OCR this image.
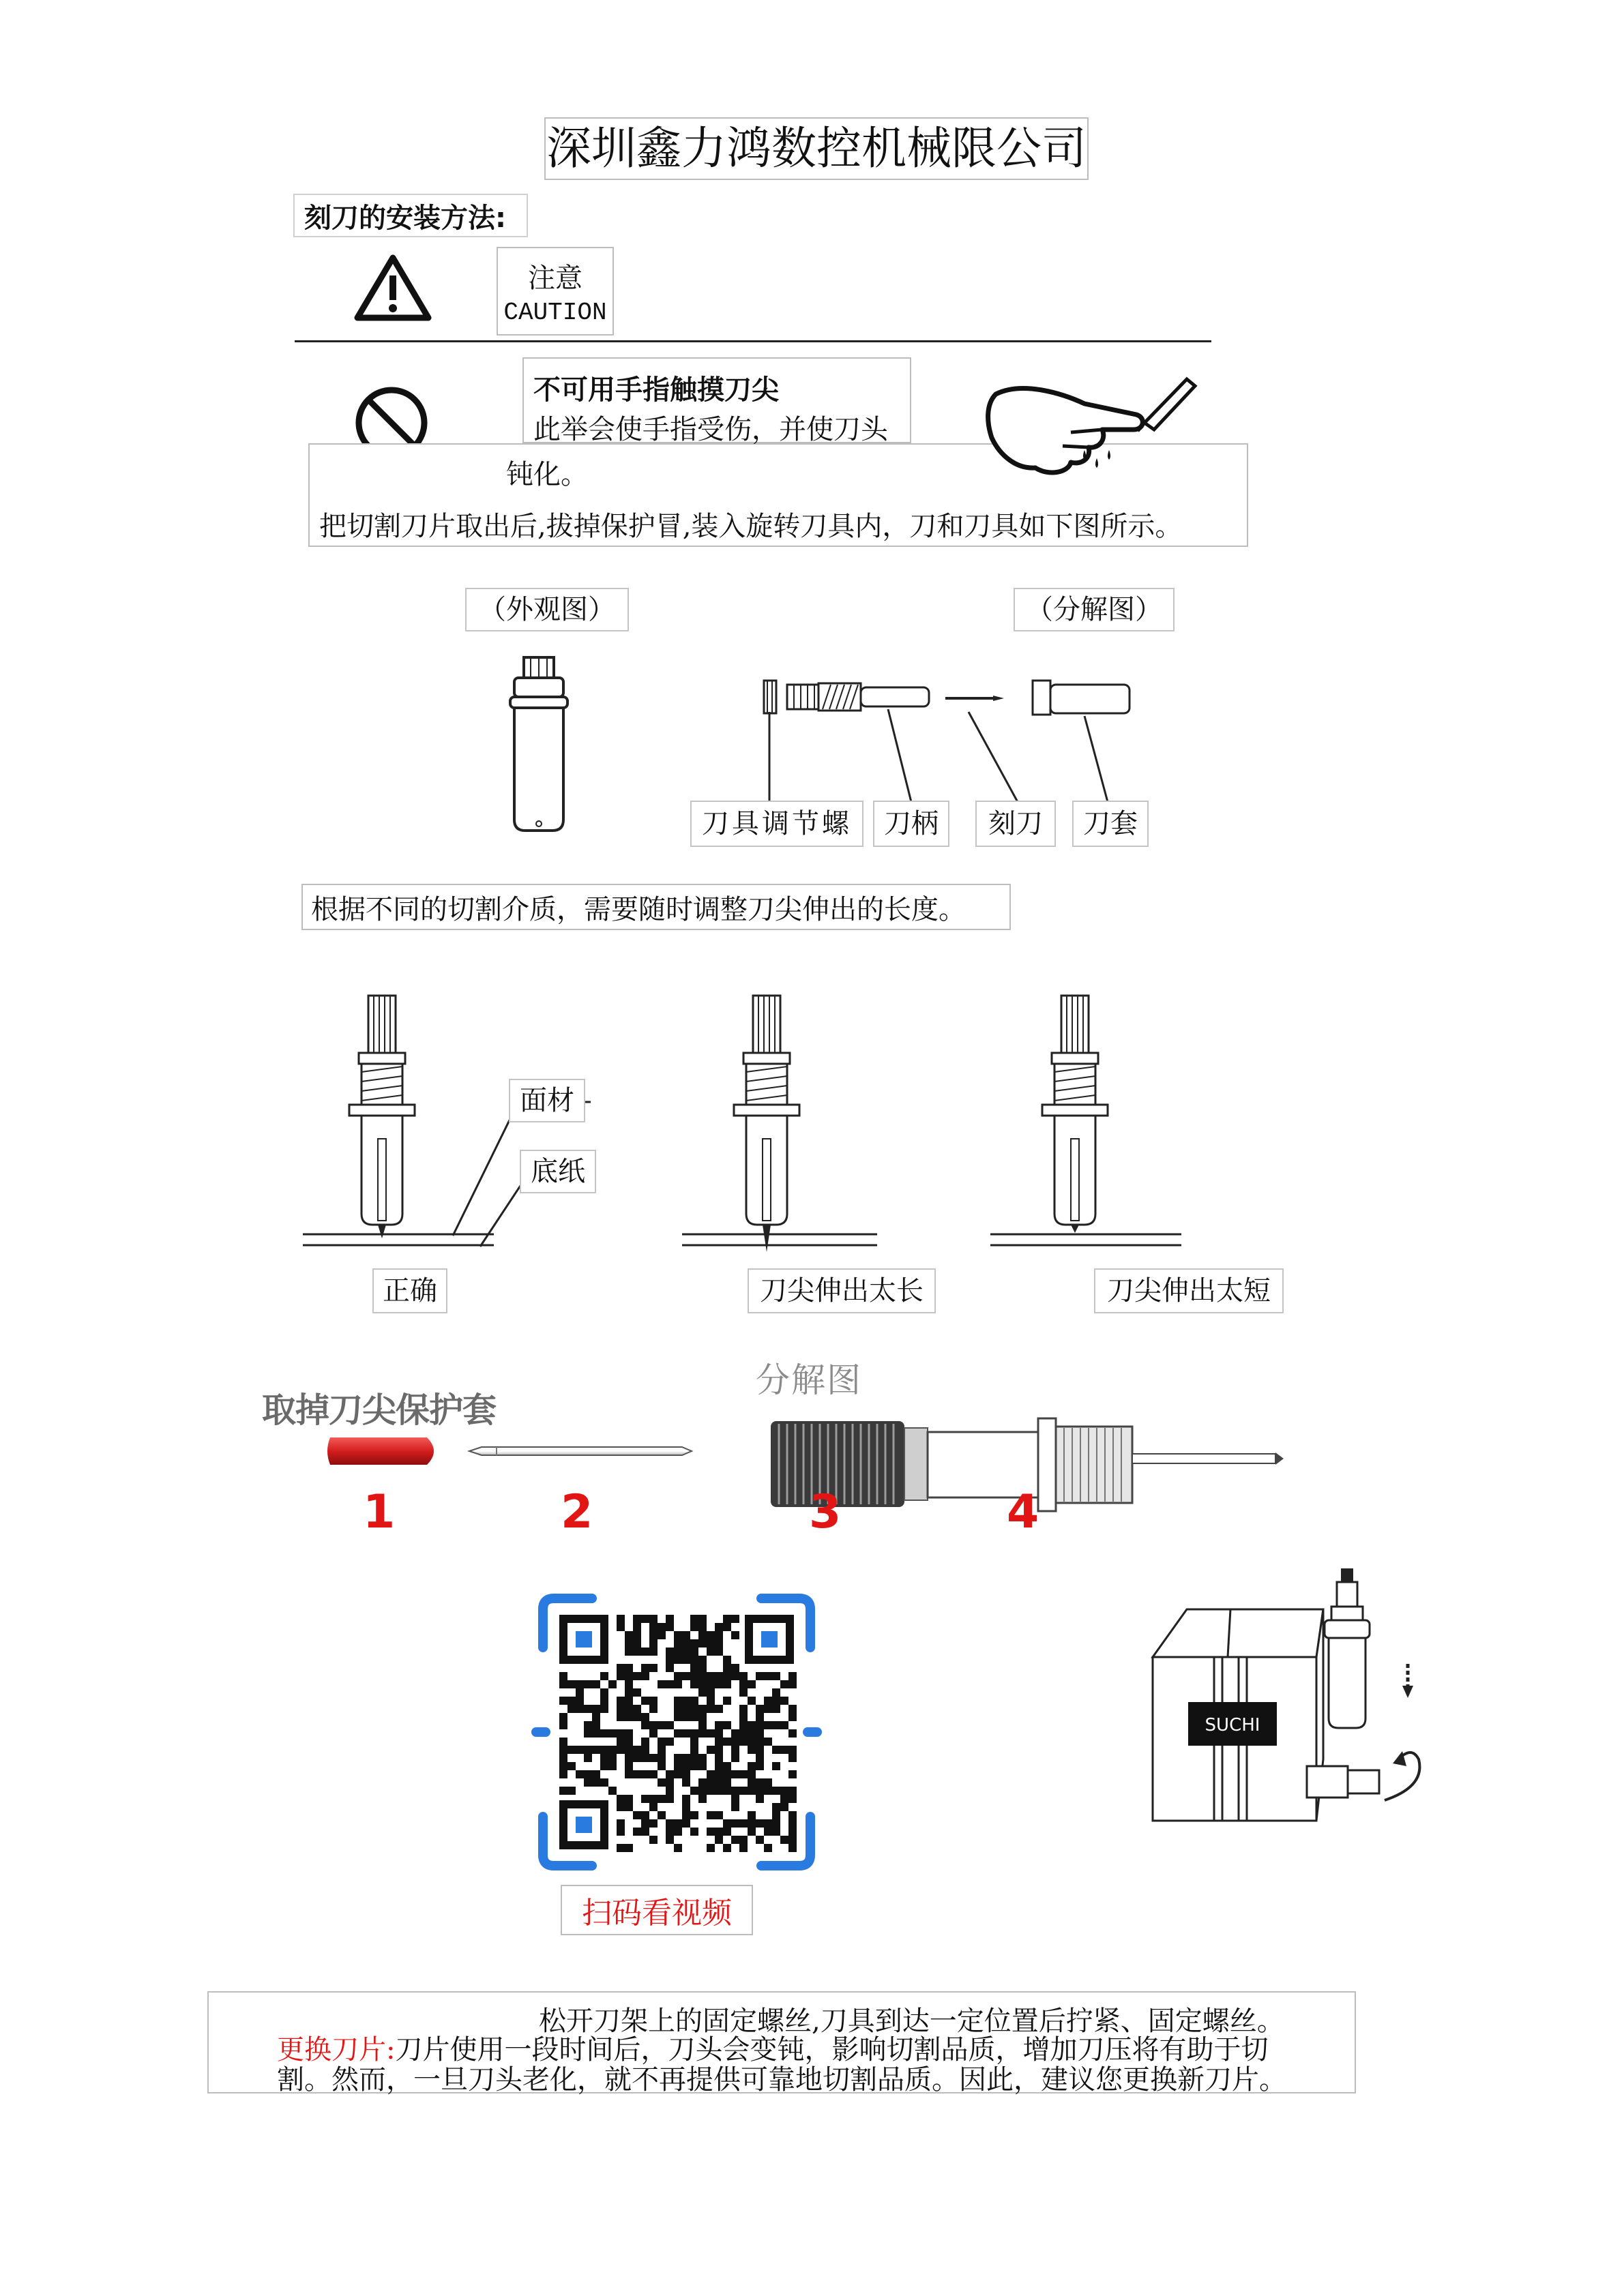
深圳鑫力鸿数控机械限公司
刻刀的安装方法:
注意
CAUTION
钝化。
把切割刀片取出后,拔掉保护冒,装入旋转刀具内，刀和刀具如下图所示。
不可用手指触摸刀尖
此举会使手指受伤，并使刀头
（外观图）	（分解图）
刀具调节螺 刀柄 刻刀 刀套
根据不同的切割介质，需要随时调整刀尖伸出的长度。
面材
底纸
正确	刀尖伸出太长	刀尖伸出太短
取掉刀尖保护套
分解图
1	2	3	4
扫码看视频
SUCHI
松开刀架上的固定螺丝,刀具到达一定位置后拧紧、固定螺丝。
更换刀片:刀片使用一段时间后，刀头会变钝，影响切割品质，增加刀压将有助于切
割。然而，一旦刀头老化，就不再提供可靠地切割品质。因此，建议您更换新刀片。
